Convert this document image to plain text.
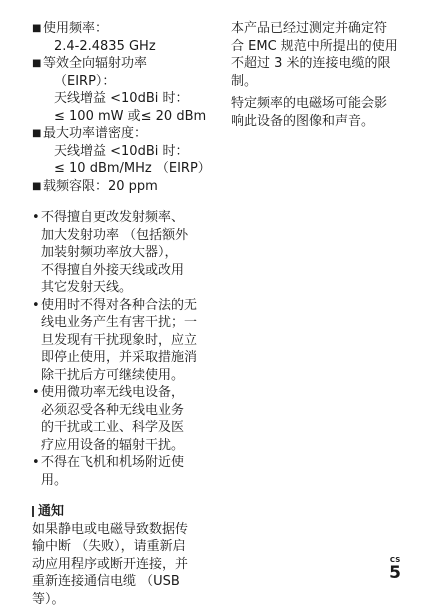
■ 使用频率：
2.4-2.4835 GHz
■ 等效全向辐射功率
（EIRP）：
天线增益 <10dBi 时：
≤ 100 mW 或≤ 20 dBm
■ 最大功率谱密度：
天线增益 <10dBi 时：
≤ 10 dBm/MHz （EIRP）
■ 载频容限：20 ppm
• 不得擅自更改发射频率、
加大发射功率 （包括额外
加装射频功率放大器），
不得擅自外接天线或改用
其它发射天线。
• 使用时不得对各种合法的无
线电业务产生有害干扰；一
旦发现有干扰现象时，应立
即停止使用，并采取措施消
除干扰后方可继续使用。
• 使用微功率无线电设备，
必须忍受各种无线电业务
的干扰或工业、科学及医
疗应用设备的辐射干扰。
• 不得在飞机和机场附近使
用。
通知
如果静电或电磁导致数据传
输中断 （失败），请重新启
动应用程序或断开连接，并
重新连接通信电缆 （USB
等）。
本产品已经过测定并确定符
合 EMC 规范中所提出的使用
不超过 3 米的连接电缆的限
制。
特定频率的电磁场可能会影
响此设备的图像和声音。
CS
5
